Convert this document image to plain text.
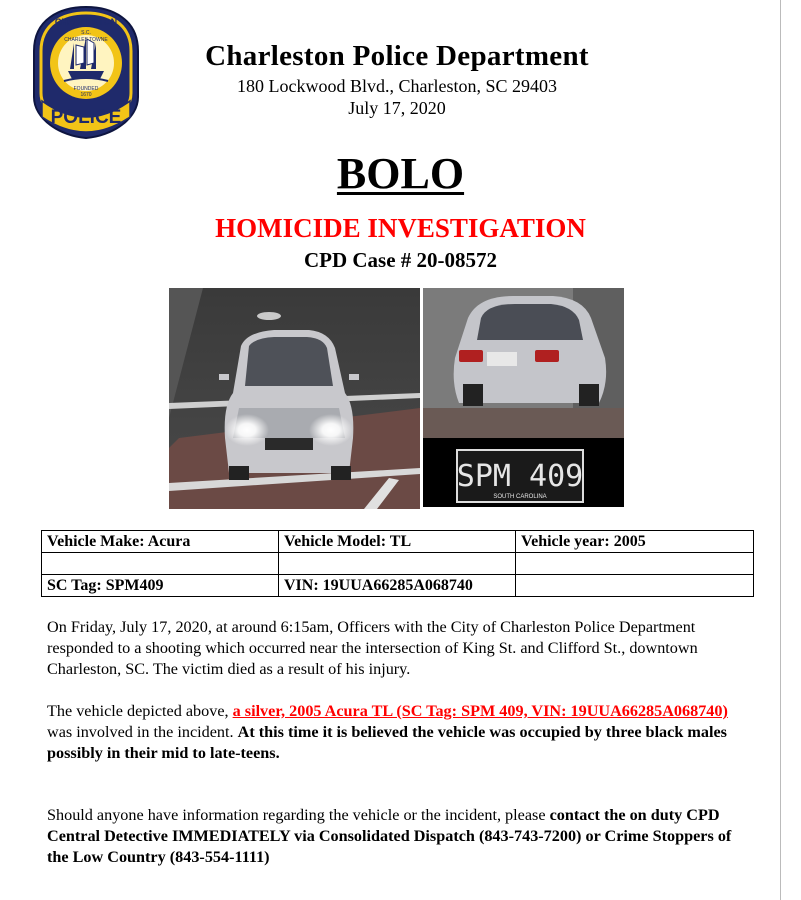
CHARLESTON
S.C.
CHARLES TOWNE
FOUNDED
1670
POLICE
Charleston Police Department
180 Lockwood Blvd., Charleston, SC 29403
July 17, 2020
BOLO
HOMICIDE INVESTIGATION
CPD Case # 20-08572
SPM 409
SOUTH CAROLINA
Vehicle Make: Acura	Vehicle Model: TL	Vehicle year: 2005

SC Tag: SPM409	VIN: 19UUA66285A068740	
On Friday, July 17, 2020, at around 6:15am, Officers with the City of Charleston Police Department responded to a shooting which occurred near the intersection of King St. and Clifford St., downtown Charleston, SC. The victim died as a result of his injury.
The vehicle depicted above, a silver, 2005 Acura TL (SC Tag: SPM 409, VIN: 19UUA66285A068740) was involved in the incident. At this time it is believed the vehicle was occupied by three black males possibly in their mid to late-teens.
Should anyone have information regarding the vehicle or the incident, please contact the on duty CPD Central Detective IMMEDIATELY via Consolidated Dispatch (843-743-7200) or Crime Stoppers of the Low Country (843-554-1111)
